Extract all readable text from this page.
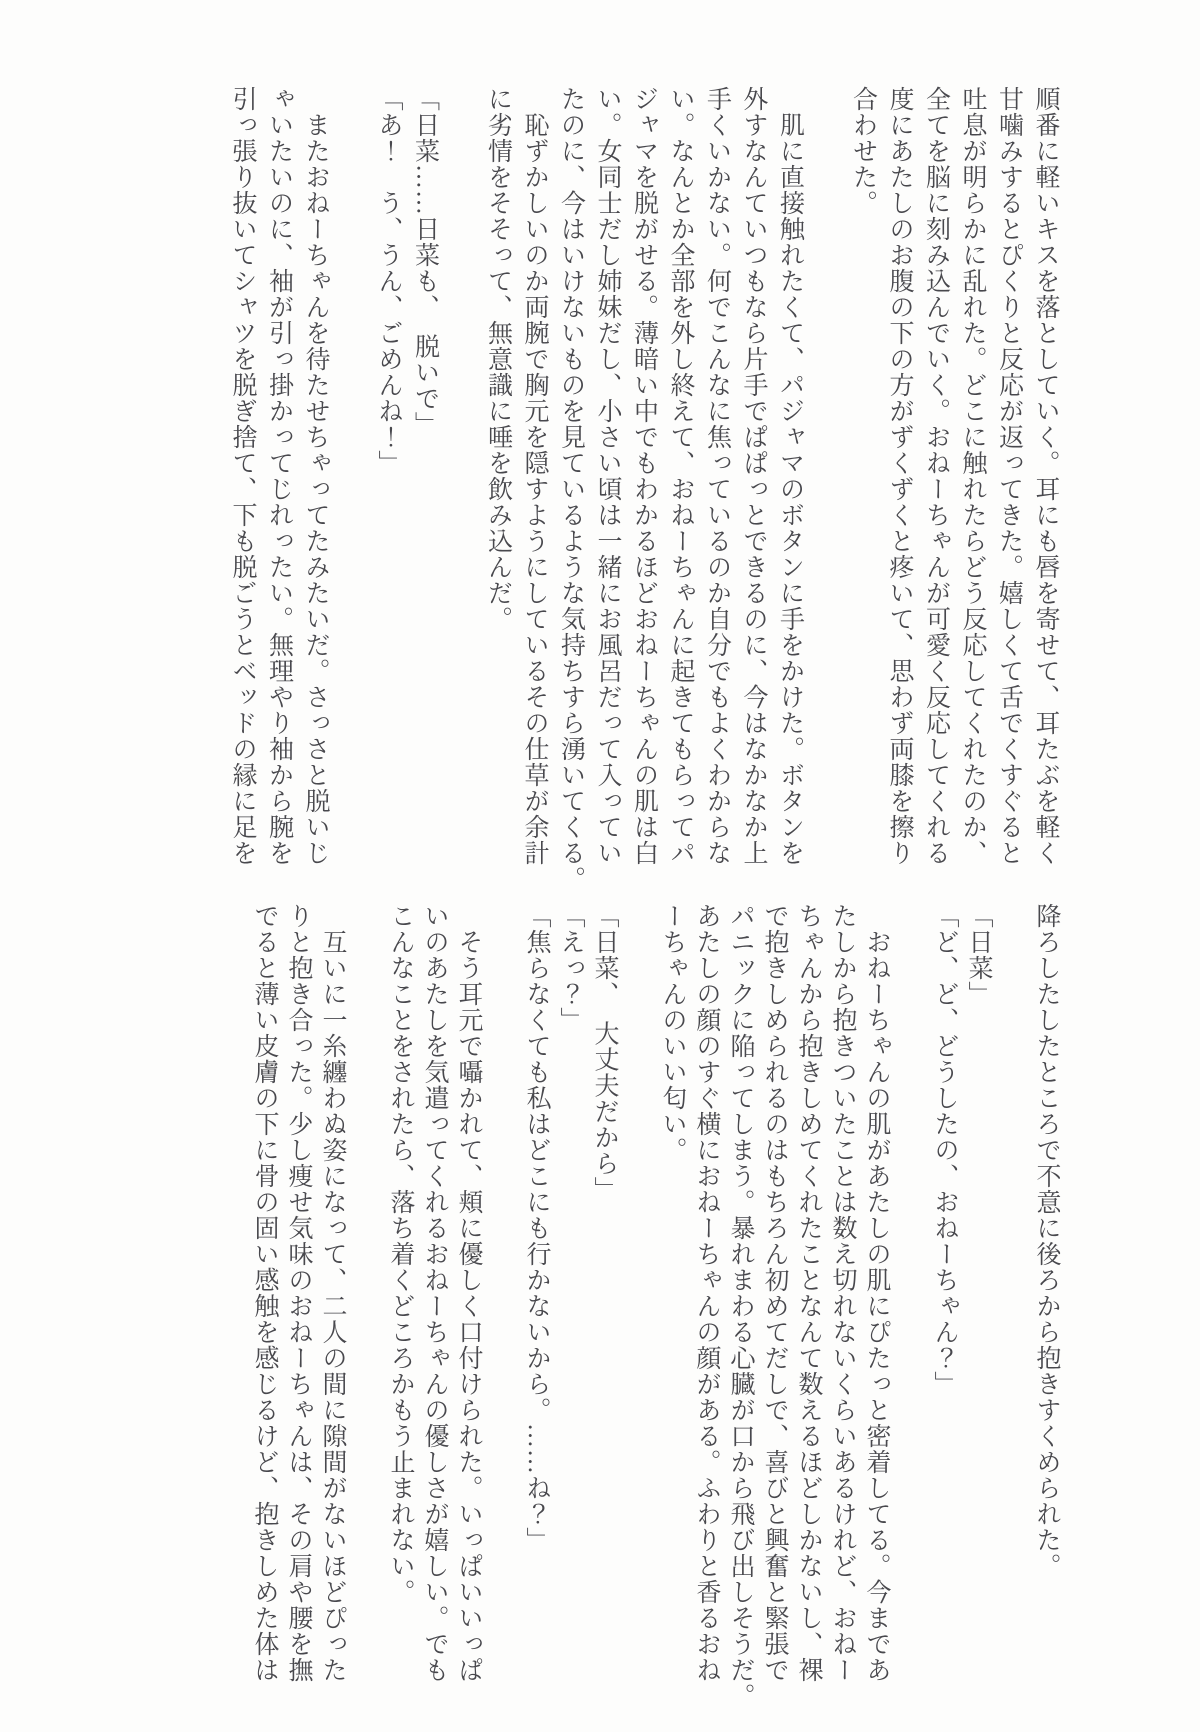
順番に軽いキスを落としていく。耳にも唇を寄せて、耳たぶを軽く

甘噛みするとぴくりと反応が返ってきた。嬉しくて舌でくすぐると

吐息が明らかに乱れた。どこに触れたらどう反応してくれたのか、

全てを脳に刻み込んでいく。おねーちゃんが可愛く反応してくれる

度にあたしのお腹の下の方がずくずくと疼いて、思わず両膝を擦り

合わせた。

　肌に直接触れたくて、パジャマのボタンに手をかけた。ボタンを

外すなんていつもなら片手でぱぱっとできるのに、今はなかなか上

手くいかない。何でこんなに焦っているのか自分でもよくわからな

い。なんとか全部を外し終えて、おねーちゃんに起きてもらってパ

ジャマを脱がせる。薄暗い中でもわかるほどおねーちゃんの肌は白

い。女同士だし姉妹だし、小さい頃は一緒にお風呂だって入ってい

たのに、今はいけないものを見ているような気持ちすら湧いてくる。

　恥ずかしいのか両腕で胸元を隠すようにしているその仕草が余計

に劣情をそそって、無意識に唾を飲み込んだ。

「日菜……日菜も、　脱いで」

「あ！　う、うん、ごめんね！」

　またおねーちゃんを待たせちゃってたみたいだ。さっさと脱いじ

ゃいたいのに、袖が引っ掛かってじれったい。無理やり袖から腕を

引っ張り抜いてシャツを脱ぎ捨て、下も脱ごうとベッドの縁に足を

降ろしたしたところで不意に後ろから抱きすくめられた。

「日菜」

「ど、ど、どうしたの、おねーちゃん？」

　おねーちゃんの肌があたしの肌にぴたっと密着してる。今まであ

たしから抱きついたことは数え切れないくらいあるけれど、おねー

ちゃんから抱きしめてくれたことなんて数えるほどしかないし、裸

で抱きしめられるのはもちろん初めてだしで、喜びと興奮と緊張で

パニックに陥ってしまう。暴れまわる心臓が口から飛び出しそうだ。

あたしの顔のすぐ横におねーちゃんの顔がある。ふわりと香るおね

ーちゃんのいい匂い。

「日菜、　大丈夫だから」

「えっ？」

「焦らなくても私はどこにも行かないから。……ね？」

　そう耳元で囁かれて、頬に優しく口付けられた。いっぱいいっぱ

いのあたしを気遣ってくれるおねーちゃんの優しさが嬉しい。でも

こんなことをされたら、落ち着くどころかもう止まれない。

　互いに一糸纏わぬ姿になって、二人の間に隙間がないほどぴった

りと抱き合った。少し痩せ気味のおねーちゃんは、その肩や腰を撫

でると薄い皮膚の下に骨の固い感触を感じるけど、抱きしめた体は
